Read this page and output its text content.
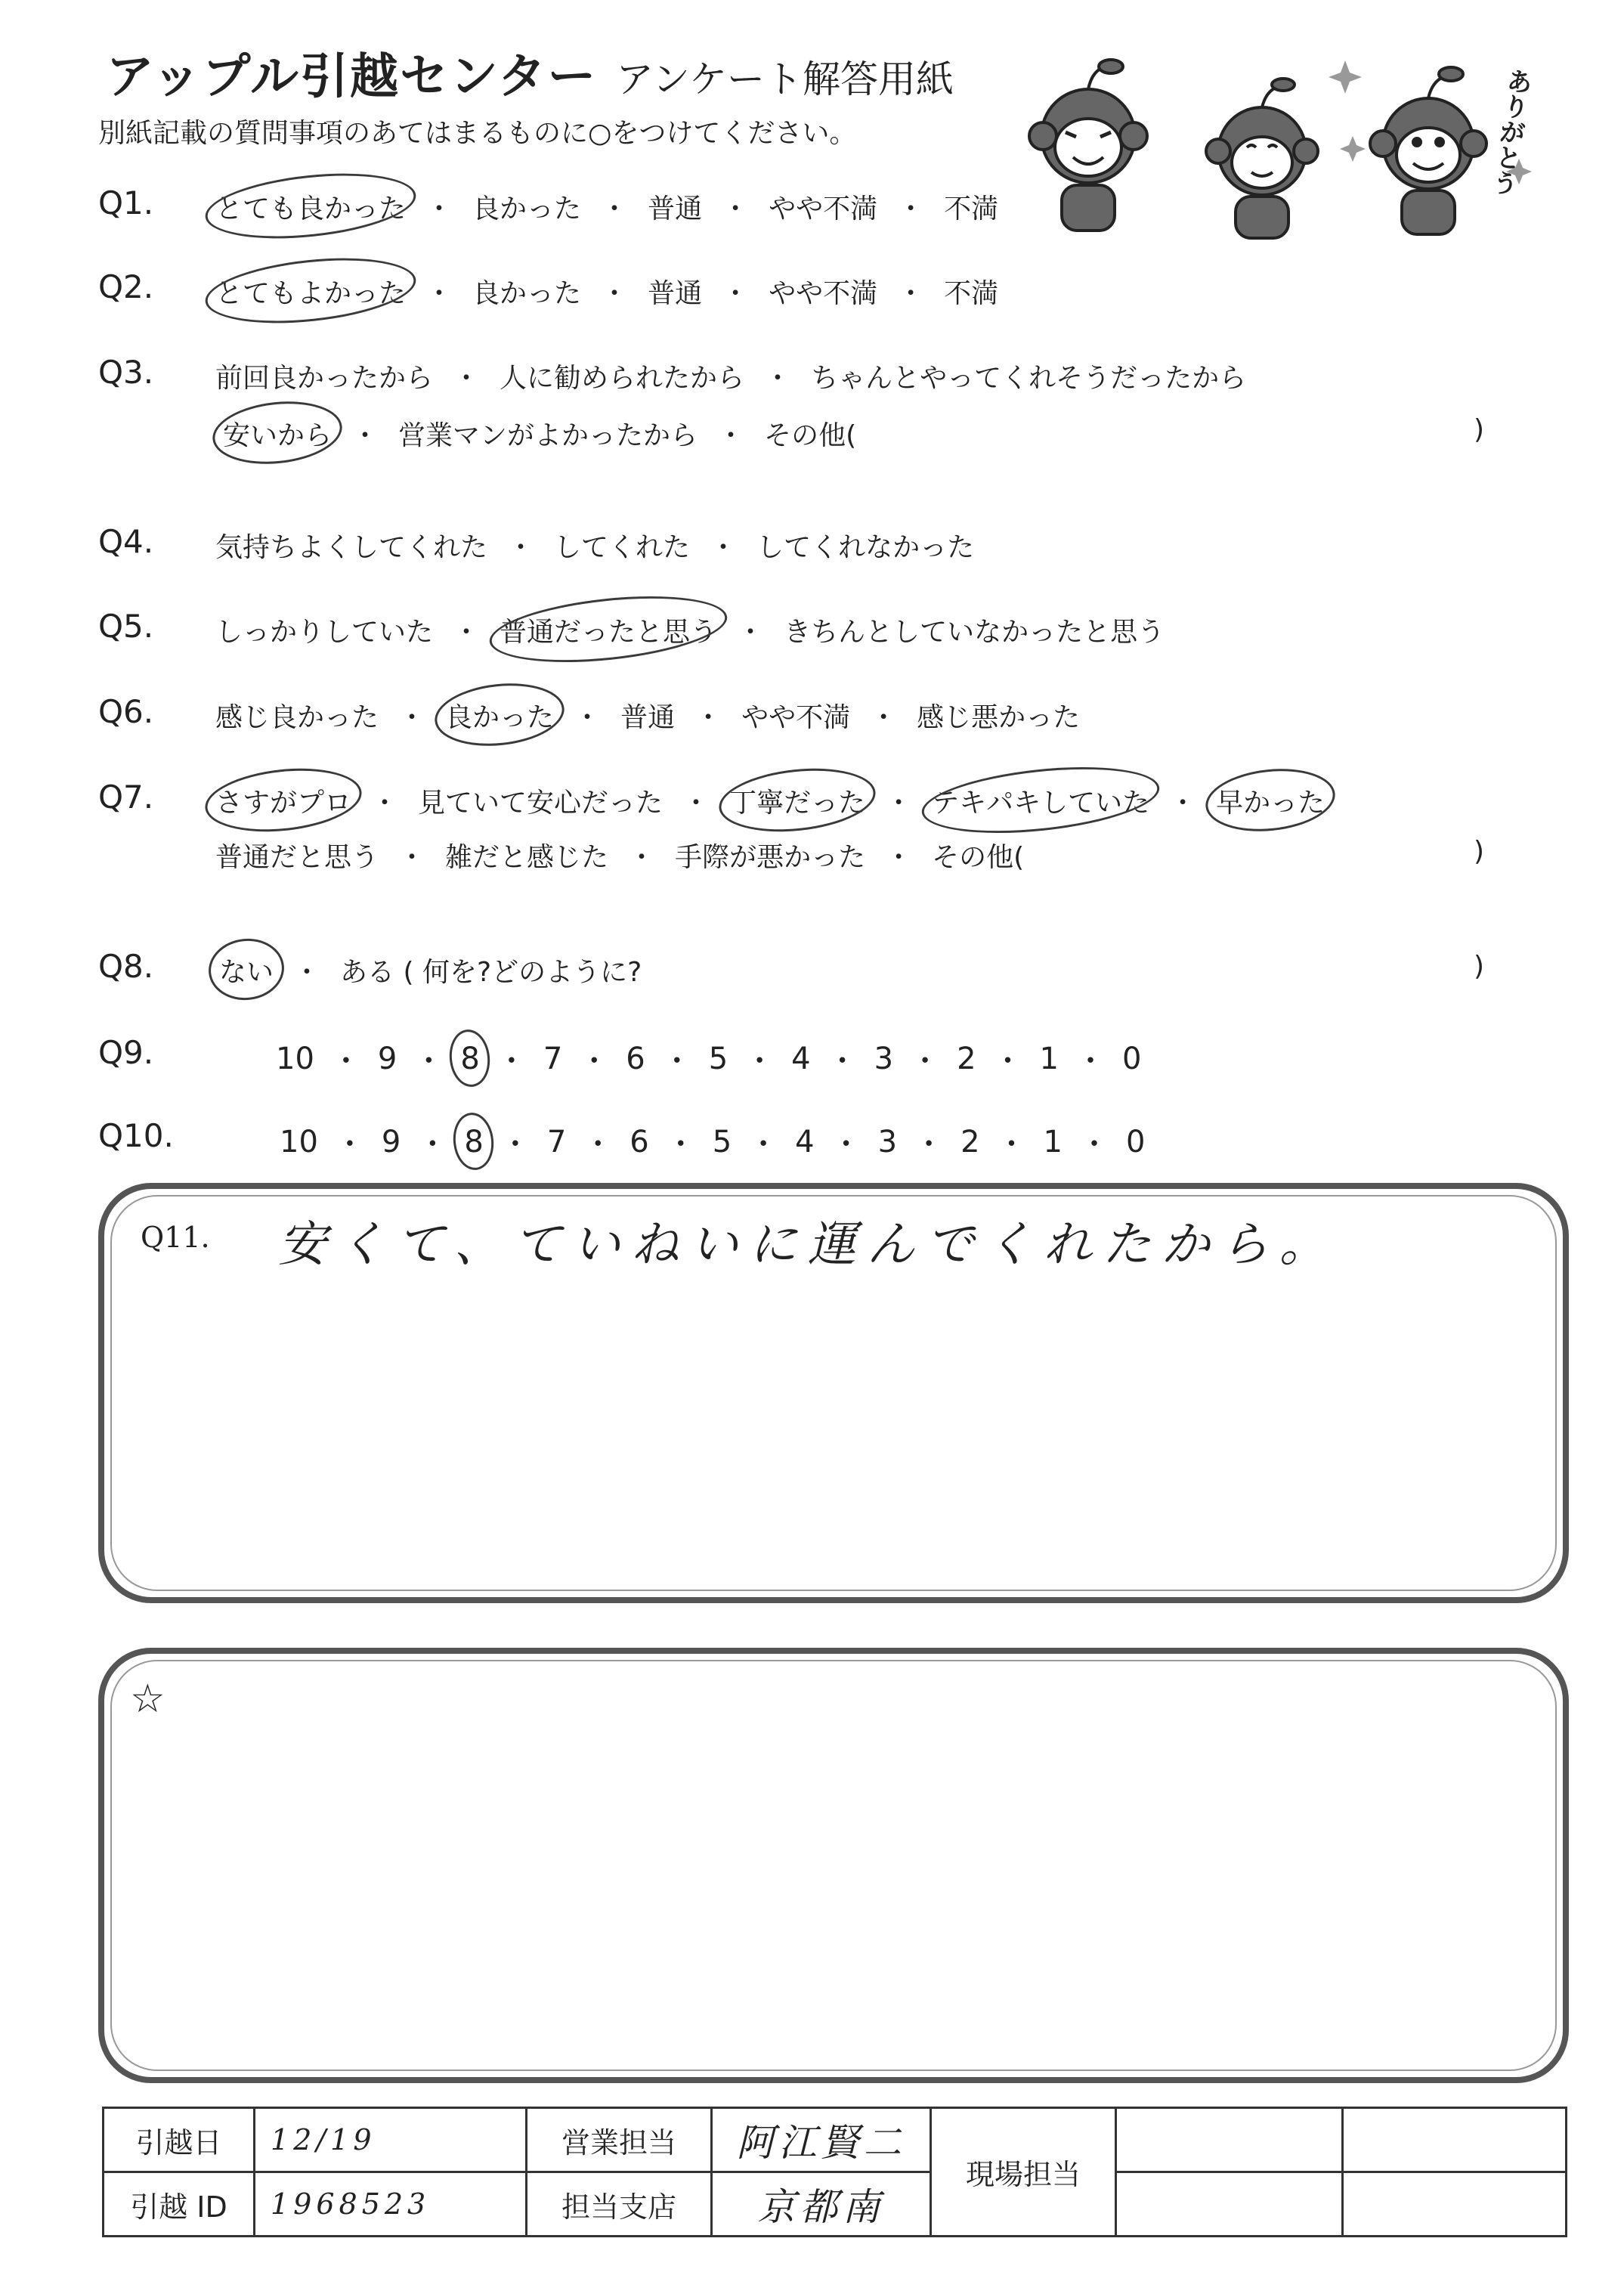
アップル引越センター アンケート解答用紙
別紙記載の質問事項のあてはまるものに○をつけてください。	ありがとう
Q1. とても良かった ・ 良かった ・ 普通 ・ やや不満 ・ 不満
Q2. とてもよかった ・ 良かった ・ 普通 ・ やや不満 ・ 不満
Q3. 前回良かったから ・ 人に勧められたから ・ ちゃんとやってくれそうだったから
安いから ・ 営業マンがよかったから ・ その他(	)
Q4. 気持ちよくしてくれた ・ してくれた ・ してくれなかった
Q5. しっかりしていた ・ 普通だったと思う ・ きちんとしていなかったと思う
Q6. 感じ良かった ・ 良かった ・ 普通 ・ やや不満 ・ 感じ悪かった
Q7. さすがプロ ・ 見ていて安心だった ・ 丁寧だった ・ テキパキしていた ・ 早かった
普通だと思う ・ 雑だと感じた ・ 手際が悪かった ・ その他(	)
Q8. ない ・ ある ( 何を?どのように?	)
Q9.	10 ・ 9 ・ 8 ・ 7 ・ 6 ・ 5 ・ 4 ・ 3 ・ 2 ・ 1 ・ 0
Q10.	10 ・ 9 ・ 8 ・ 7 ・ 6 ・ 5 ・ 4 ・ 3 ・ 2 ・ 1 ・ 0
Q11. 安くて、ていねいに運んでくれたから。
☆
引越日	12/19	営業担当	阿江賢二	現場担当		
引越 ID	1968523	担当支店	京都南			
